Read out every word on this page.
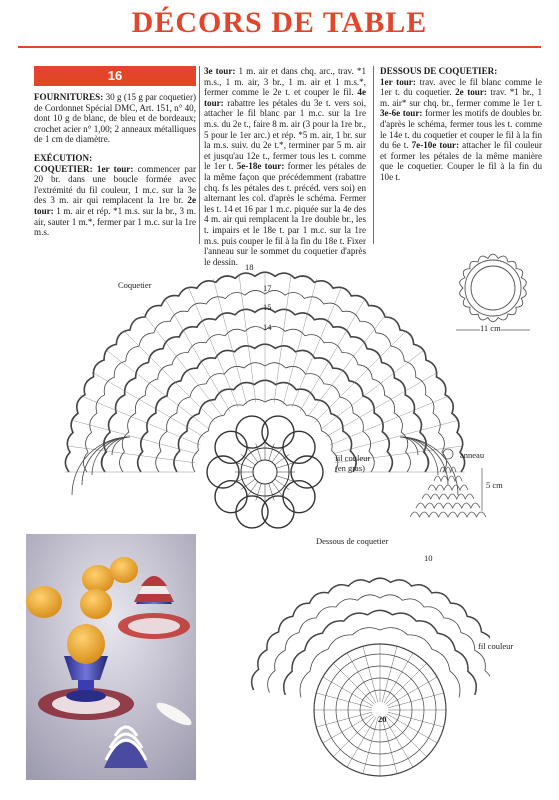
DÉCORS DE TABLE
16

FOURNITURES: 30 g (15 g par coquetier) de Cordonnet Spécial DMC, Art. 151, n° 40, dont 10 g de blanc, de bleu et de bordeaux; crochet acier n° 1,00; 2 anneaux métalliques de 1 cm de diamètre.

EXÉCUTION:

COQUETIER: 1er tour: commencer par 20 br. dans une boucle formée avec l'extrémité du fil couleur, 1 m.c. sur la 3e des 3 m. air qui remplacent la 1re br. 2e tour: 1 m. air et rép. *1 m.s. sur la br., 3 m. air, sauter 1 m.*, fermer par 1 m.c. sur la 1re m.s.

3e tour: 1 m. air et dans chq. arc., trav. *1 m.s., 1 m. air, 3 br., 1 m. air et 1 m.s.*, fermer comme le 2e t. et couper le fil. 4e tour: rabattre les pétales du 3e t. vers soi, attacher le fil blanc par 1 m.c. sur la 1re m.s. du 2e t., faire 8 m. air (3 pour la 1re br., 5 pour le 1er arc.) et rép. *5 m. air, 1 br. sur la m.s. suiv. du 2e t.*, terminer par 5 m. air et jusqu'au 12e t., fermer tous les t. comme le 1er t. 5e-18e tour: former les pétales de la même façon que précédemment (rabattre chq. fs les pétales des t. précéd. vers soi) en alternant les col. d'après le schéma. Fermer les t. 14 et 16 par 1 m.c. piquée sur la 4e des 4 m. air qui remplacent la 1re double br., les t. impairs et le 18e t. par 1 m.c. sur la 1re m.s. puis couper le fil à la fin du 18e t. Fixer l'anneau sur le sommet du coquetier d'après le dessin.

DESSOUS DE COQUETIER:

1er tour: trav. avec le fil blanc comme le 1er t. du coquetier. 2e tour: trav. *1 br., 1 m. air* sur chq. br., fermer comme le 1er t. 3e-6e tour: former les motifs de doubles br. d'après le schéma, fermer tous les t. comme le 14e t. du coquetier et couper le fil à la fin du 6e t. 7e-10e tour: attacher le fil couleur et former les pétales de la même manière que le coquetier. Couper le fil à la fin du 10e t.

Coquetier
18
17
15
14
fil couleur
(en gras)
11 cm
anneau
5 cm
Dessous de coquetier
10
fil couleur
20
